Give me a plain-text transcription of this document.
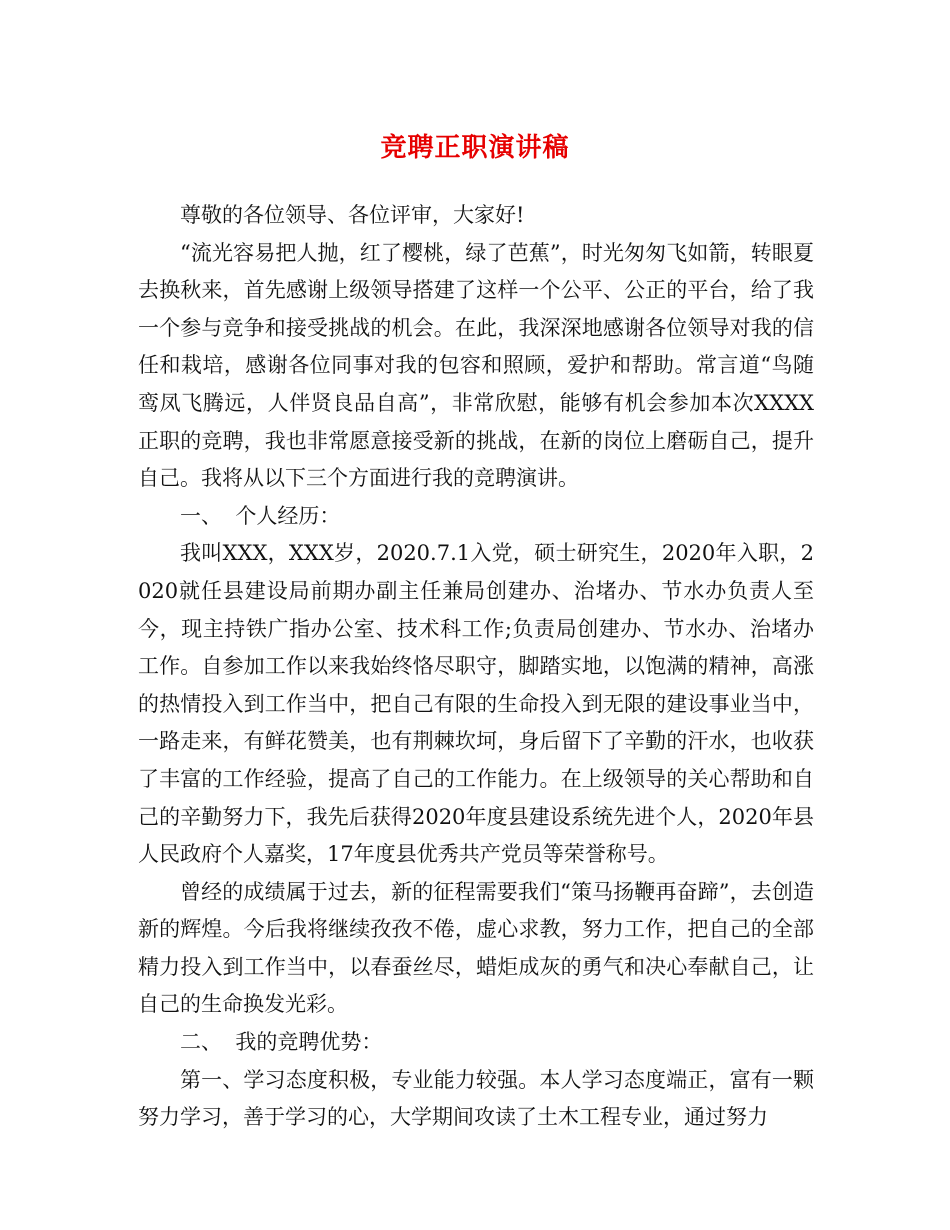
竞聘正职演讲稿

尊敬的各位领导、各位评审，大家好!

“流光容易把人抛，红了樱桃，绿了芭蕉”，时光匆匆飞如箭，转眼夏去换秋来，首先感谢上级领导搭建了这样一个公平、公正的平台，给了我一个参与竞争和接受挑战的机会。在此，我深深地感谢各位领导对我的信任和栽培，感谢各位同事对我的包容和照顾，爱护和帮助。常言道“鸟随鸾凤飞腾远，人伴贤良品自高”，非常欣慰，能够有机会参加本次XXXX正职的竞聘，我也非常愿意接受新的挑战，在新的岗位上磨砺自己，提升自己。我将从以下三个方面进行我的竞聘演讲。

一、  个人经历：

我叫XXX，XXX岁，2020.7.1入党，硕士研究生，2020年入职，2020就任县建设局前期办副主任兼局创建办、治堵办、节水办负责人至今，现主持铁广指办公室、技术科工作;负责局创建办、节水办、治堵办工作。自参加工作以来我始终恪尽职守，脚踏实地，以饱满的精神，高涨的热情投入到工作当中，把自己有限的生命投入到无限的建设事业当中，一路走来，有鲜花赞美，也有荆棘坎坷，身后留下了辛勤的汗水，也收获了丰富的工作经验，提高了自己的工作能力。在上级领导的关心帮助和自己的辛勤努力下，我先后获得2020年度县建设系统先进个人，2020年县人民政府个人嘉奖，17年度县优秀共产党员等荣誉称号。

曾经的成绩属于过去，新的征程需要我们“策马扬鞭再奋蹄”，去创造新的辉煌。今后我将继续孜孜不倦，虚心求教，努力工作，把自己的全部精力投入到工作当中，以春蚕丝尽，蜡炬成灰的勇气和决心奉献自己，让自己的生命换发光彩。

二、  我的竞聘优势：

第一、学习态度积极，专业能力较强。本人学习态度端正，富有一颗努力学习，善于学习的心，大学期间攻读了土木工程专业，通过努力
